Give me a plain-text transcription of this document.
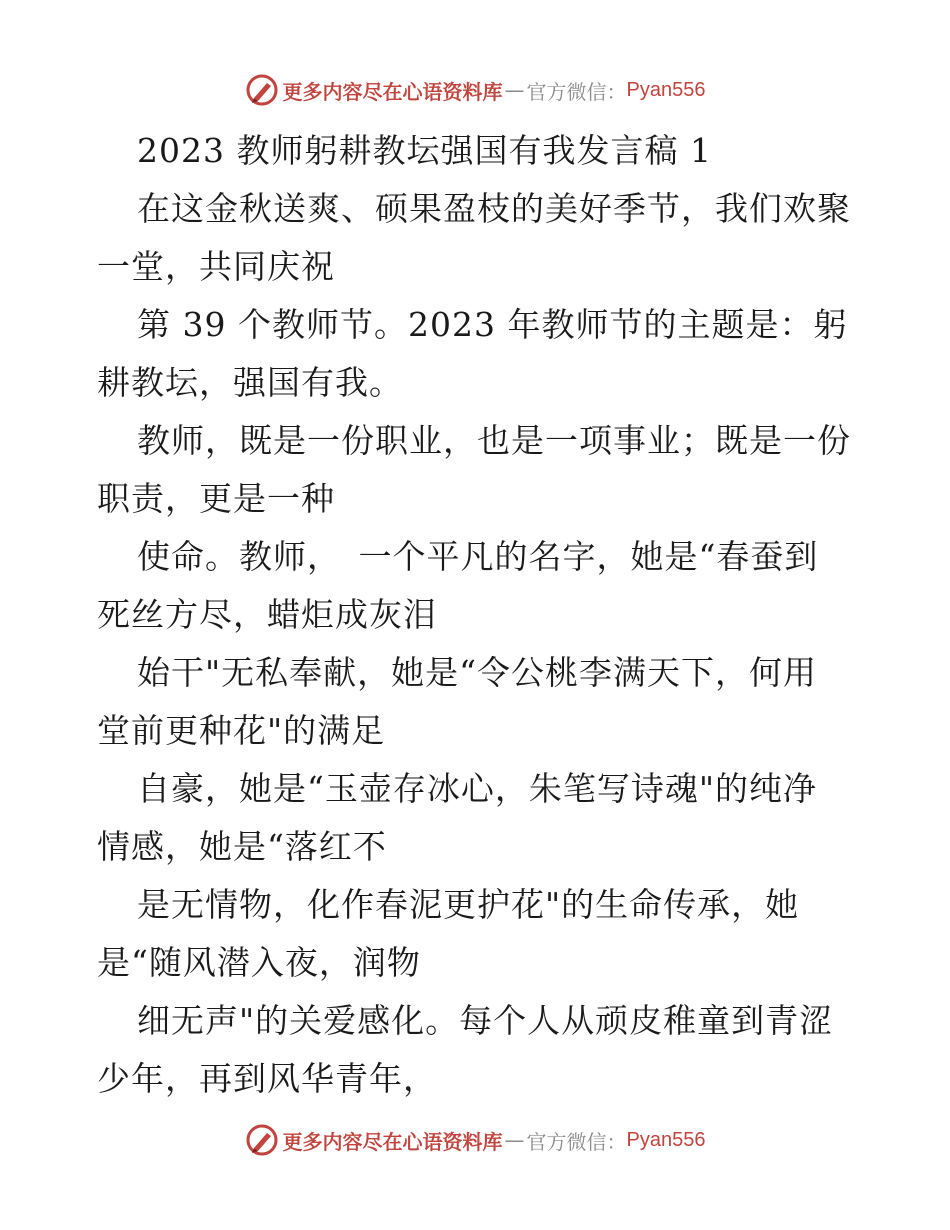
更多内容尽在心语资料库 — 官方微信： Pyan556
2023 教师躬耕教坛强国有我发言稿 1
在这金秋送爽、硕果盈枝的美好季节，我们欢聚
一堂，共同庆祝
第 39 个教师节。2023 年教师节的主题是：躬
耕教坛，强国有我。
教师，既是一份职业，也是一项事业；既是一份
职责，更是一种
使命。教师，　一个平凡的名字，她是“春蚕到
死丝方尽，蜡炬成灰泪
始干"无私奉献，她是“令公桃李满天下，何用
堂前更种花"的满足
自豪，她是“玉壶存冰心，朱笔写诗魂"的纯净
情感，她是“落红不
是无情物，化作春泥更护花"的生命传承，她
是“随风潜入夜，润物
细无声"的关爱感化。每个人从顽皮稚童到青涩
少年，再到风华青年，
更多内容尽在心语资料库 — 官方微信： Pyan556
